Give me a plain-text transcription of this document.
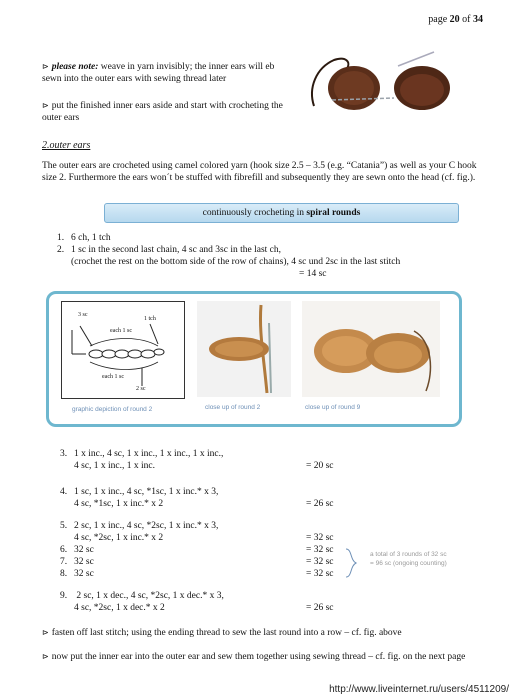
page 20 of 34
⊳ please note: weave in yarn invisibly; the inner ears will eb sewn into the outer ears with sewing thread later
⊳ put the finished inner ears aside and start with crocheting the outer ears
2.outer ears
The outer ears are crocheted using camel colored yarn (hook size 2.5 – 3.5 (e.g. “Catania”) as well as your C hook size 2. Furthermore the ears won´t be stuffed with fibrefill and subsequently they are sewn onto the head (cf. fig.).
continuously crocheting in spiral rounds
1. 6 ch, 1 tch
2. 1 sc in the second last chain, 4 sc and 3sc in the last ch,
(crochet the rest on the bottom side of the row of chains), 4 sc und 2sc in the last stitch
= 14 sc
3 sc
1 tch
each 1 sc
each 1 sc
2 sc
graphic depiction of round 2	close up of round 2	close up of round 9
3. 1 x inc., 4 sc, 1 x inc., 1 x inc., 1 x inc.,
4 sc, 1 x inc., 1 x inc.	= 20 sc
4. 1 sc, 1 x inc., 4 sc, *1sc, 1 x inc.* x 3,
4 sc, *1sc, 1 x inc.* x 2	= 26 sc
5. 2 sc, 1 x inc., 4 sc, *2sc, 1 x inc.* x 3,
4 sc, *2sc, 1 x inc.* x 2	= 32 sc
6. 32 sc	= 32 sc
7. 32 sc	= 32 sc
8. 32 sc	= 32 sc
a total of 3 rounds of 32 sc
= 96 sc (ongoing counting)
9. 2 sc, 1 x dec., 4 sc, *2sc, 1 x dec.* x 3,
4 sc, *2sc, 1 x dec.* x 2	= 26 sc
⊳ fasten off last stitch; using the ending thread to sew the last round into a row – cf. fig. above
⊳ now put the inner ear into the outer ear and sew them together using sewing thread – cf. fig. on the next page
http://www.liveinternet.ru/users/4511209/
